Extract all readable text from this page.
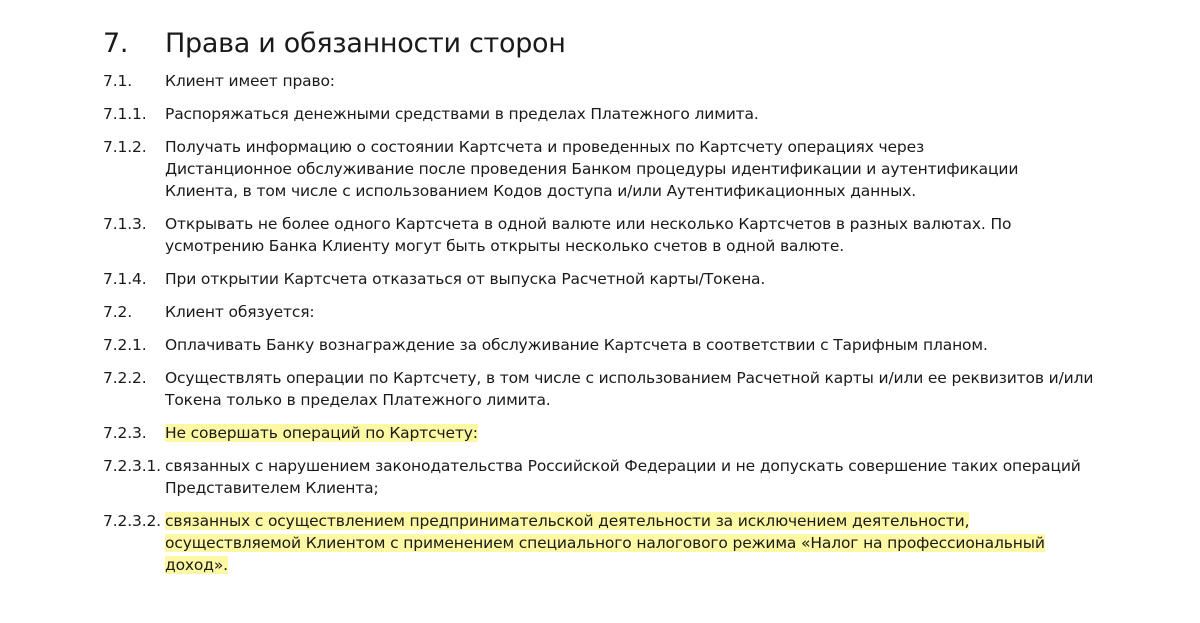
7.	Права и обязанности сторон
7.1.	Клиент имеет право:
7.1.1.	Распоряжаться денежными средствами в пределах Платежного лимита.
7.1.2.	Получать информацию о состоянии Картсчета и проведенных по Картсчету операциях через Дистанционное обслуживание после проведения Банком процедуры идентификации и аутентификации Клиента, в том числе с использованием Кодов доступа и/или Аутентификационных данных.
7.1.3.	Открывать не более одного Картсчета в одной валюте или несколько Картсчетов в разных валютах. По усмотрению Банка Клиенту могут быть открыты несколько счетов в одной валюте.
7.1.4.	При открытии Картсчета отказаться от выпуска Расчетной карты/Токена.
7.2.	Клиент обязуется:
7.2.1.	Оплачивать Банку вознаграждение за обслуживание Картсчета в соответствии с Тарифным планом.
7.2.2.	Осуществлять операции по Картсчету, в том числе с использованием Расчетной карты и/или ее реквизитов и/или Токена только в пределах Платежного лимита.
7.2.3.	Не совершать операций по Картсчету:
7.2.3.1. связанных с нарушением законодательства Российской Федерации и не допускать совершение таких операций Представителем Клиента;
7.2.3.2. связанных с осуществлением предпринимательской деятельности за исключением деятельности, осуществляемой Клиентом с применением специального налогового режима «Налог на профессиональный доход».
